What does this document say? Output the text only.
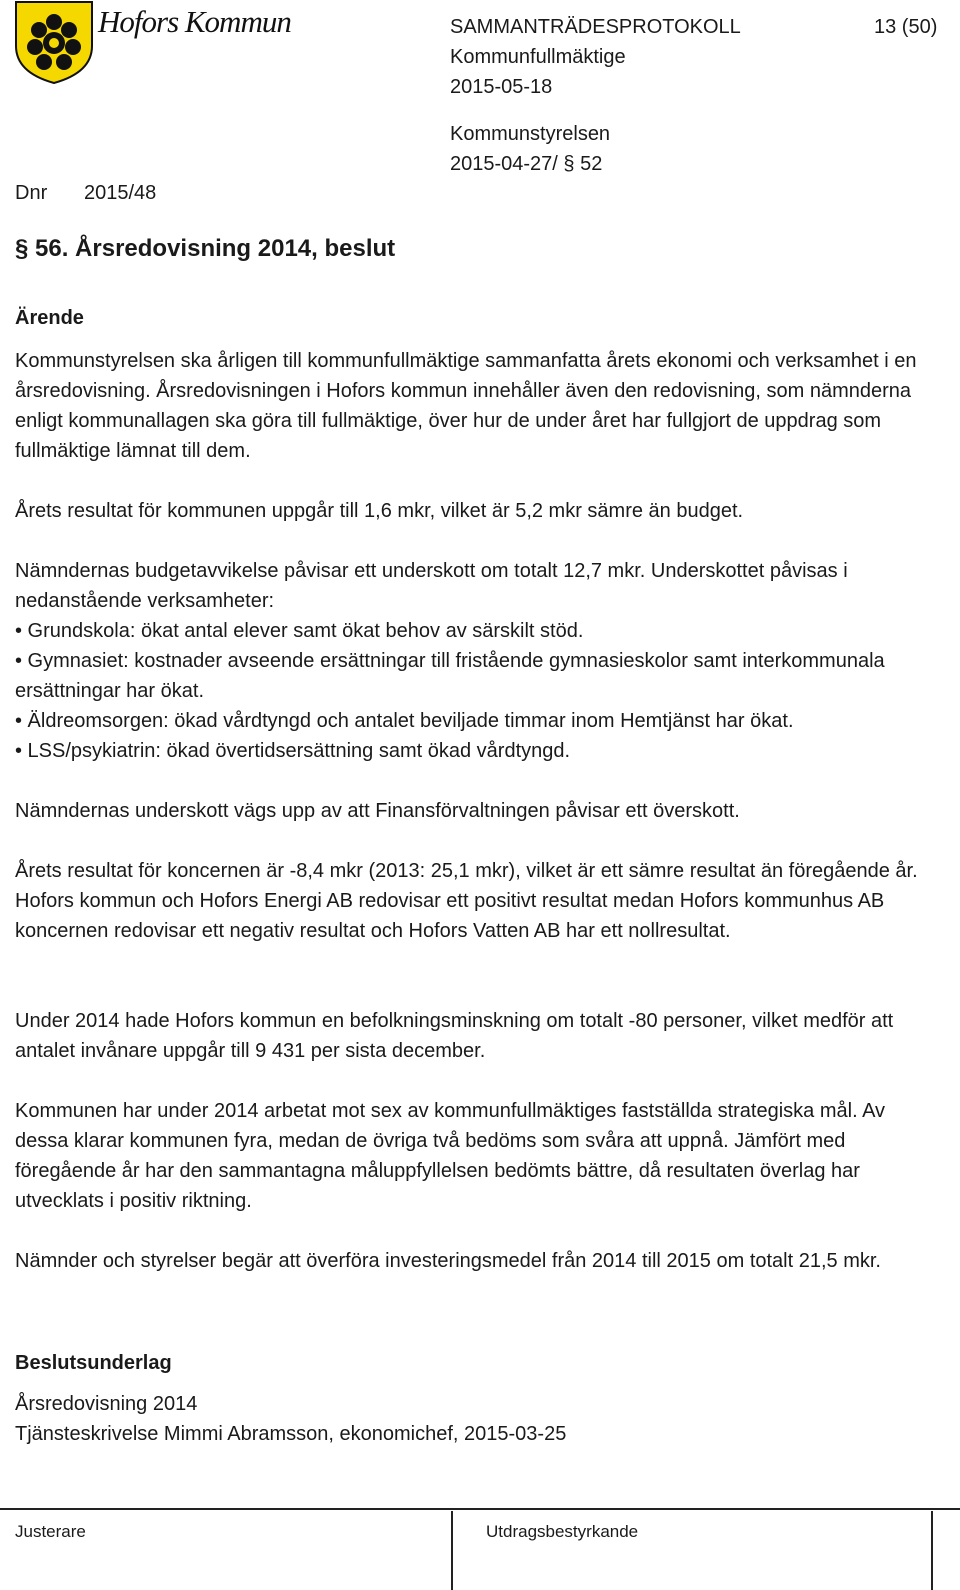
Hofors Kommun	SAMMANTRÄDESPROTOKOLL	13 (50)
Kommunfullmäktige
2015-05-18
Kommunstyrelsen
2015-04-27/ § 52
Dnr 2015/48
§ 56. Årsredovisning 2014, beslut
Ärende

Kommunstyrelsen ska årligen till kommunfullmäktige sammanfatta årets ekonomi och verksamhet i en årsredovisning. Årsredovisningen i Hofors kommun innehåller även den redovisning, som nämnderna enligt kommunallagen ska göra till fullmäktige, över hur de under året har fullgjort de uppdrag som fullmäktige lämnat till dem.

Årets resultat för kommunen uppgår till 1,6 mkr, vilket är 5,2 mkr sämre än budget.

Nämndernas budgetavvikelse påvisar ett underskott om totalt 12,7 mkr. Underskottet påvisas i nedanstående verksamheter:
• Grundskola: ökat antal elever samt ökat behov av särskilt stöd.
• Gymnasiet: kostnader avseende ersättningar till fristående gymnasieskolor samt interkommunala ersättningar har ökat.
• Äldreomsorgen: ökad vårdtyngd och antalet beviljade timmar inom Hemtjänst har ökat.
• LSS/psykiatrin: ökad övertidsersättning samt ökad vårdtyngd.

Nämndernas underskott vägs upp av att Finansförvaltningen påvisar ett överskott.

Årets resultat för koncernen är -8,4 mkr (2013: 25,1 mkr), vilket är ett sämre resultat än föregående år. Hofors kommun och Hofors Energi AB redovisar ett positivt resultat medan Hofors kommunhus AB koncernen redovisar ett negativ resultat och Hofors Vatten AB har ett nollresultat.

Under 2014 hade Hofors kommun en befolkningsminskning om totalt -80 personer, vilket medför att antalet invånare uppgår till 9 431 per sista december.

Kommunen har under 2014 arbetat mot sex av kommunfullmäktiges fastställda strategiska mål. Av dessa klarar kommunen fyra, medan de övriga två bedöms som svåra att uppnå. Jämfört med föregående år har den sammantagna måluppfyllelsen bedömts bättre, då resultaten överlag har utvecklats i positiv riktning.

Nämnder och styrelser begär att överföra investeringsmedel från 2014 till 2015 om totalt 21,5 mkr.

Beslutsunderlag

Årsredovisning 2014
Tjänsteskrivelse Mimmi Abramsson, ekonomichef, 2015-03-25

Justerare	Utdragsbestyrkande
